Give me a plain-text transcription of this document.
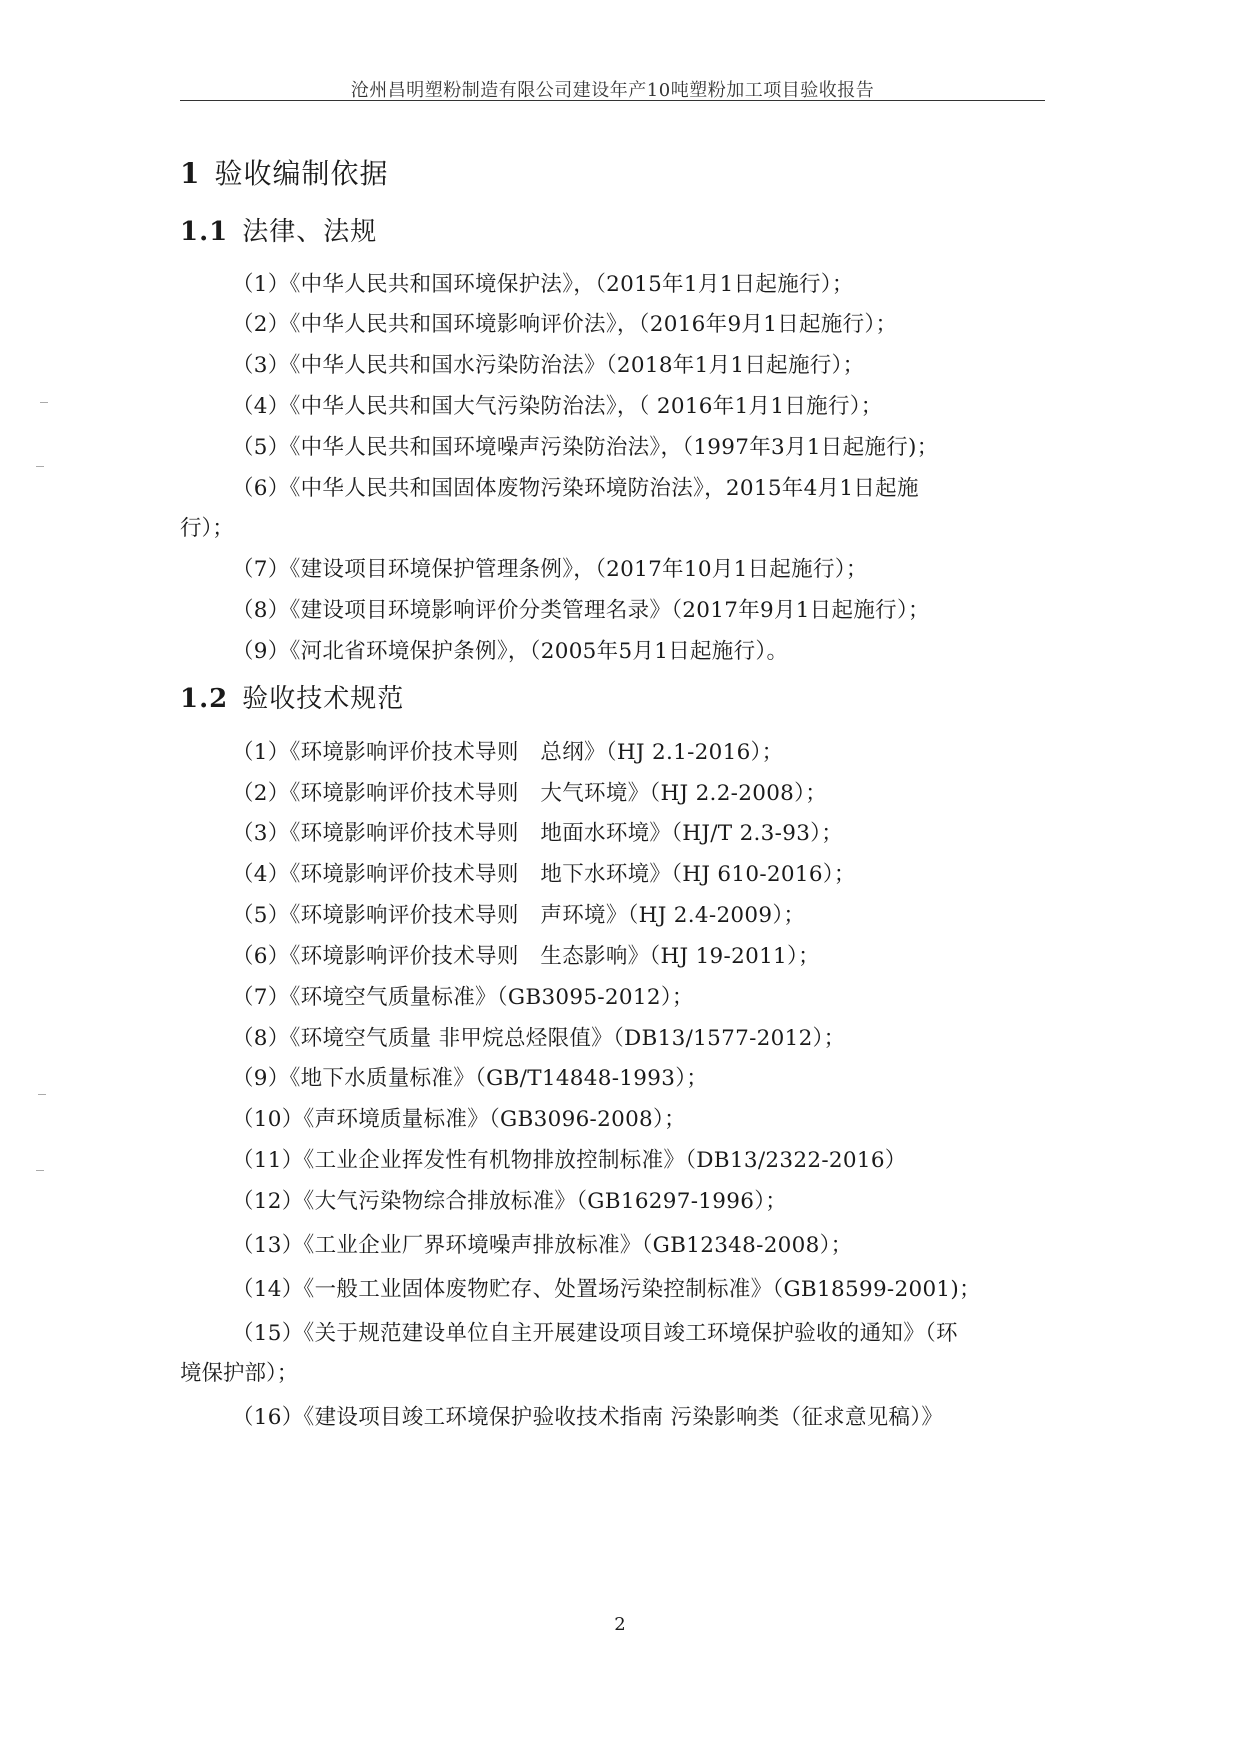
沧州昌明塑粉制造有限公司建设年产10吨塑粉加工项目验收报告
1 验收编制依据
1.1 法律、法规
（1）《中华人民共和国环境保护法》，（2015年1月1日起施行）；
（2）《中华人民共和国环境影响评价法》，（2016年9月1日起施行）；
（3）《中华人民共和国水污染防治法》（2018年1月1日起施行）；
（4）《中华人民共和国大气污染防治法》，（ 2016年1月1日施行）；
（5）《中华人民共和国环境噪声污染防治法》，（1997年3月1日起施行)；
（6）《中华人民共和国固体废物污染环境防治法》，2015年4月1日起施
行）；
（7）《建设项目环境保护管理条例》，（2017年10月1日起施行）；
（8）《建设项目环境影响评价分类管理名录》（2017年9月1日起施行）；
（9）《河北省环境保护条例》，（2005年5月1日起施行）。
1.2 验收技术规范
（1）《环境影响评价技术导则　总纲》（HJ 2.1-2016）；
（2）《环境影响评价技术导则　大气环境》（HJ 2.2-2008）；
（3）《环境影响评价技术导则　地面水环境》（HJ/T 2.3-93）；
（4）《环境影响评价技术导则　地下水环境》（HJ 610-2016）；
（5）《环境影响评价技术导则　声环境》（HJ 2.4-2009）；
（6）《环境影响评价技术导则　生态影响》（HJ 19-2011）；
（7）《环境空气质量标准》（GB3095-2012）；
（8）《环境空气质量 非甲烷总烃限值》（DB13/1577-2012）；
（9）《地下水质量标准》（GB/T14848-1993）；
（10）《声环境质量标准》（GB3096-2008）；
（11）《工业企业挥发性有机物排放控制标准》（DB13/2322-2016）
（12）《大气污染物综合排放标准》（GB16297-1996）；
（13）《工业企业厂界环境噪声排放标准》（GB12348-2008）；
（14）《一般工业固体废物贮存、处置场污染控制标准》（GB18599-2001)；
（15）《关于规范建设单位自主开展建设项目竣工环境保护验收的通知》（环
境保护部）；
（16）《建设项目竣工环境保护验收技术指南 污染影响类（征求意见稿）》
2
